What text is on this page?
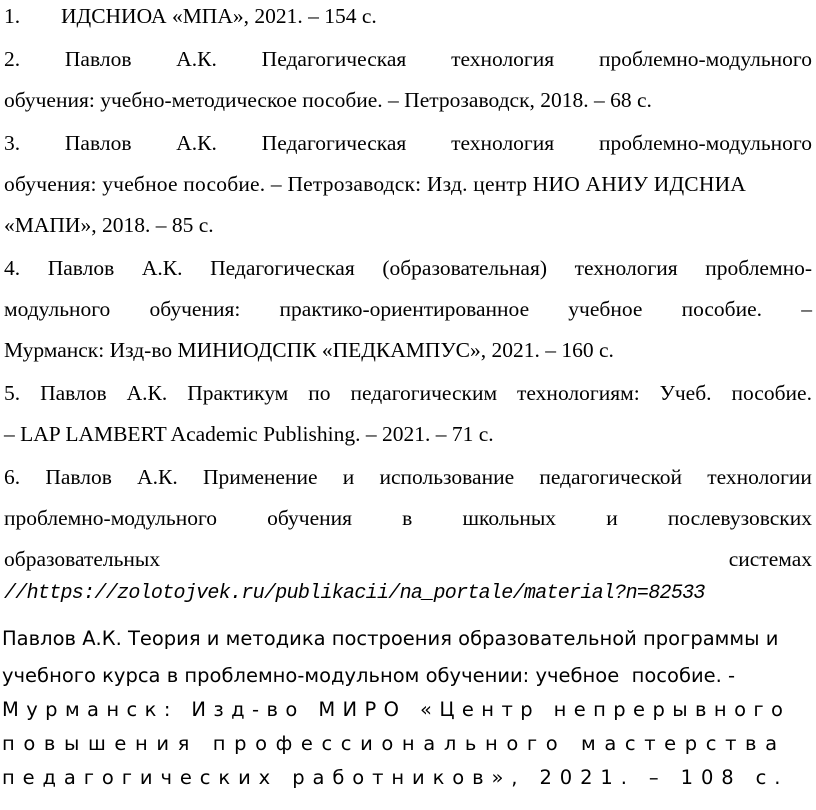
1. ИДСНИОА «МПА», 2021. – 154 с.
2. Павлов А.К. Педагогическая технология проблемно-модульного
обучения: учебно-методическое пособие. – Петрозаводск, 2018. – 68 с.
3. Павлов А.К. Педагогическая технология проблемно-модульного
обучения: учебное пособие. – Петрозаводск: Изд. центр НИО АНИУ ИДСНИА
«МАПИ», 2018. – 85 с.
4. Павлов А.К. Педагогическая (образовательная) технология проблемно-
модульного обучения: практико-ориентированное учебное пособие. –
Мурманск: Изд-во МИНИОДСПК «ПЕДКАМПУС», 2021. – 160 с.
5. Павлов А.К. Практикум по педагогическим технологиям: Учеб. пособие.
– LAP LAMBERT Academic Publishing. – 2021. – 71 с.
6. Павлов А.К. Применение и использование педагогической технологии
проблемно-модульного обучения в школьных и послевузовских
образовательных	системах
//https://zolotojvek.ru/publikacii/na_portale/material?n=82533
Павлов А.К. Теория и методика построения образовательной программы и
учебного курса в проблемно-модульном обучении: учебное  пособие. -
Мурманск: Изд-во МИРО «Центр непрерывного
повышения профессионального мастерства
педагогических работников», 2021. – 108 с.
